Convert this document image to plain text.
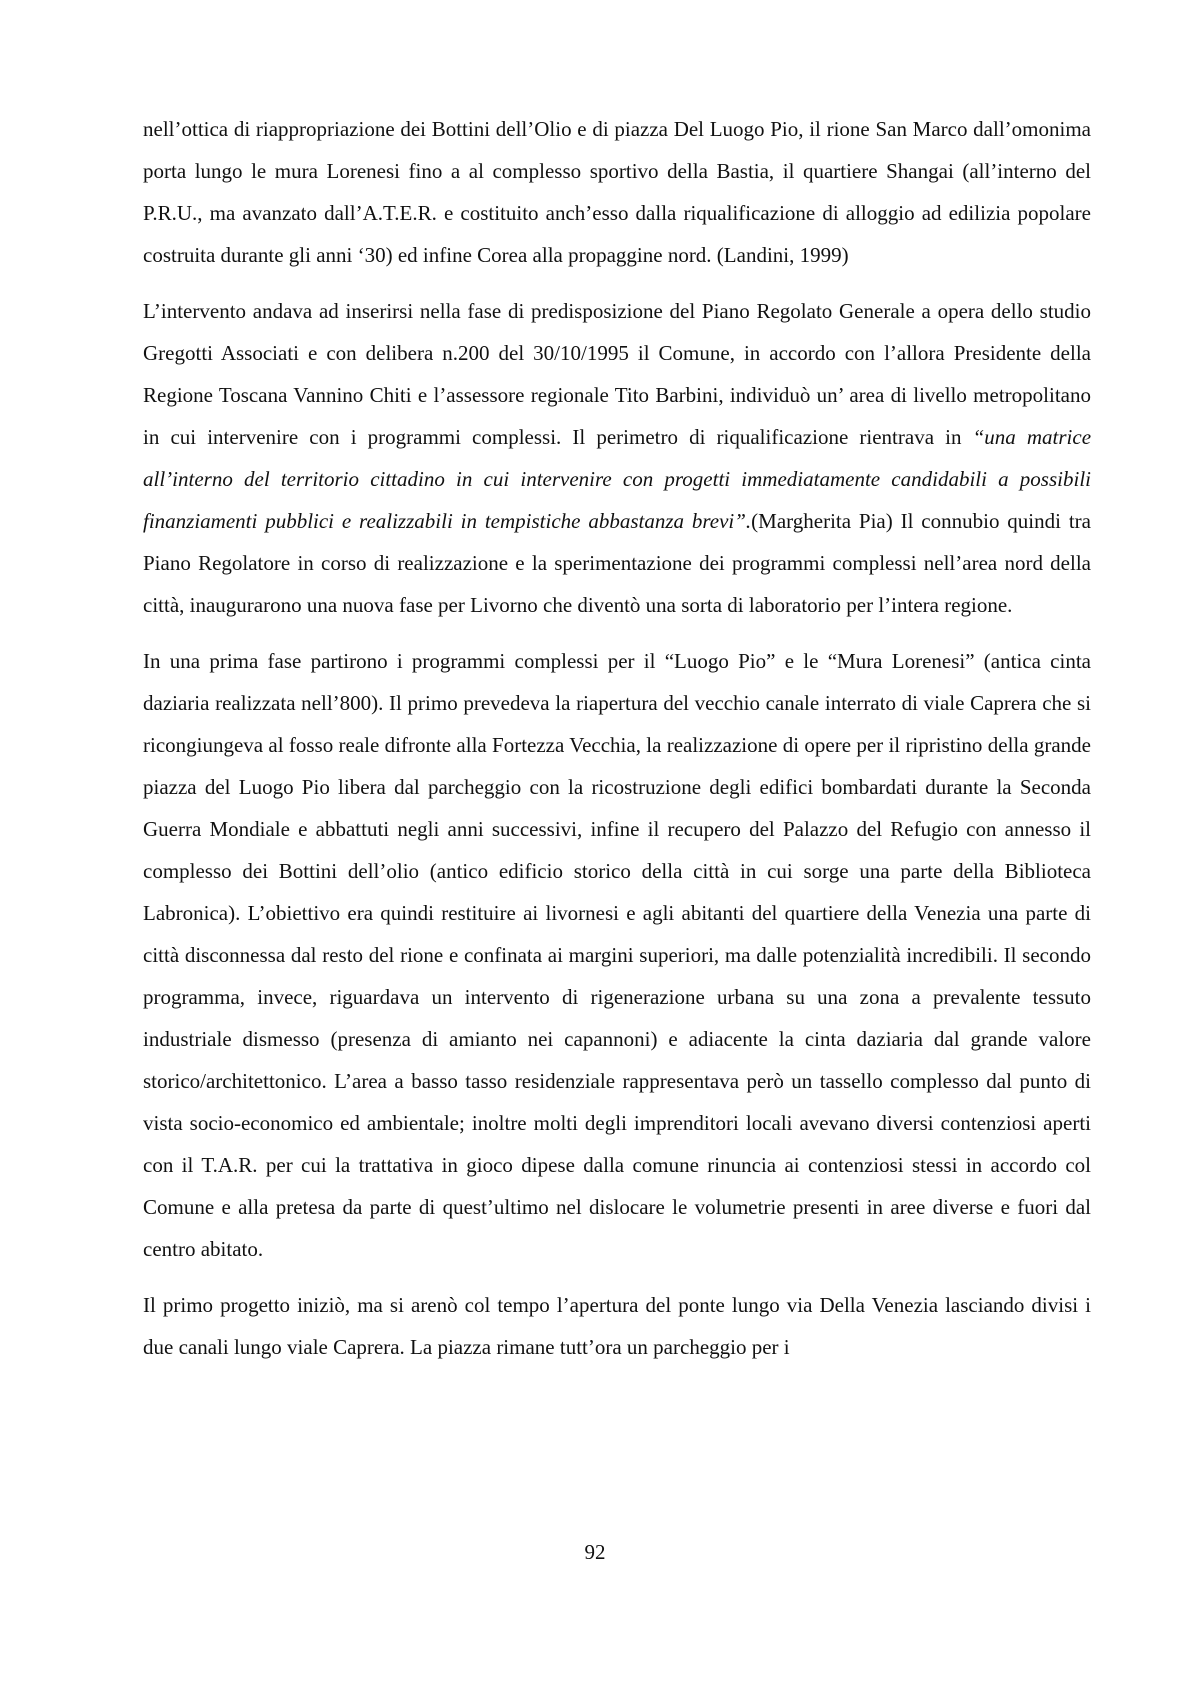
nell’ottica di riappropriazione dei Bottini dell’Olio e di piazza Del Luogo Pio, il rione San Marco dall’omonima porta lungo le mura Lorenesi fino a al complesso sportivo della Bastia, il quartiere Shangai (all’interno del P.R.U., ma avanzato dall’A.T.E.R. e costituito anch’esso dalla riqualificazione di alloggio ad edilizia popolare costruita durante gli anni ‘30) ed infine Corea alla propaggine nord. (Landini, 1999)

L’intervento andava ad inserirsi nella fase di predisposizione del Piano Regolato Generale a opera dello studio Gregotti Associati e con delibera n.200 del 30/10/1995 il Comune, in accordo con l’allora Presidente della Regione Toscana Vannino Chiti e l’assessore regionale Tito Barbini, individuò un’ area di livello metropolitano in cui intervenire con i programmi complessi. Il perimetro di riqualificazione rientrava in “una matrice all’interno del territorio cittadino in cui intervenire con progetti immediatamente candidabili a possibili finanziamenti pubblici e realizzabili in tempistiche abbastanza brevi”.(Margherita Pia) Il connubio quindi tra Piano Regolatore in corso di realizzazione e la sperimentazione dei programmi complessi nell’area nord della città, inaugurarono una nuova fase per Livorno che diventò una sorta di laboratorio per l’intera regione.

In una prima fase partirono i programmi complessi per il “Luogo Pio” e le “Mura Lorenesi” (antica cinta daziaria realizzata nell’800). Il primo prevedeva la riapertura del vecchio canale interrato di viale Caprera che si ricongiungeva al fosso reale difronte alla Fortezza Vecchia, la realizzazione di opere per il ripristino della grande piazza del Luogo Pio libera dal parcheggio con la ricostruzione degli edifici bombardati durante la Seconda Guerra Mondiale e abbattuti negli anni successivi, infine il recupero del Palazzo del Refugio con annesso il complesso dei Bottini dell’olio (antico edificio storico della città in cui sorge una parte della Biblioteca Labronica). L’obiettivo era quindi restituire ai livornesi e agli abitanti del quartiere della Venezia una parte di città disconnessa dal resto del rione e confinata ai margini superiori, ma dalle potenzialità incredibili. Il secondo programma, invece, riguardava un intervento di rigenerazione urbana su una zona a prevalente tessuto industriale dismesso (presenza di amianto nei capannoni) e adiacente la cinta daziaria dal grande valore storico/architettonico. L’area a basso tasso residenziale rappresentava però un tassello complesso dal punto di vista socio-economico ed ambientale; inoltre molti degli imprenditori locali avevano diversi contenziosi aperti con il T.A.R. per cui la trattativa in gioco dipese dalla comune rinuncia ai contenziosi stessi in accordo col Comune e alla pretesa da parte di quest’ultimo nel dislocare le volumetrie presenti in aree diverse e fuori dal centro abitato.

Il primo progetto iniziò, ma si arenò col tempo l’apertura del ponte lungo via Della Venezia lasciando divisi i due canali lungo viale Caprera. La piazza rimane tutt’ora un parcheggio per i

92
